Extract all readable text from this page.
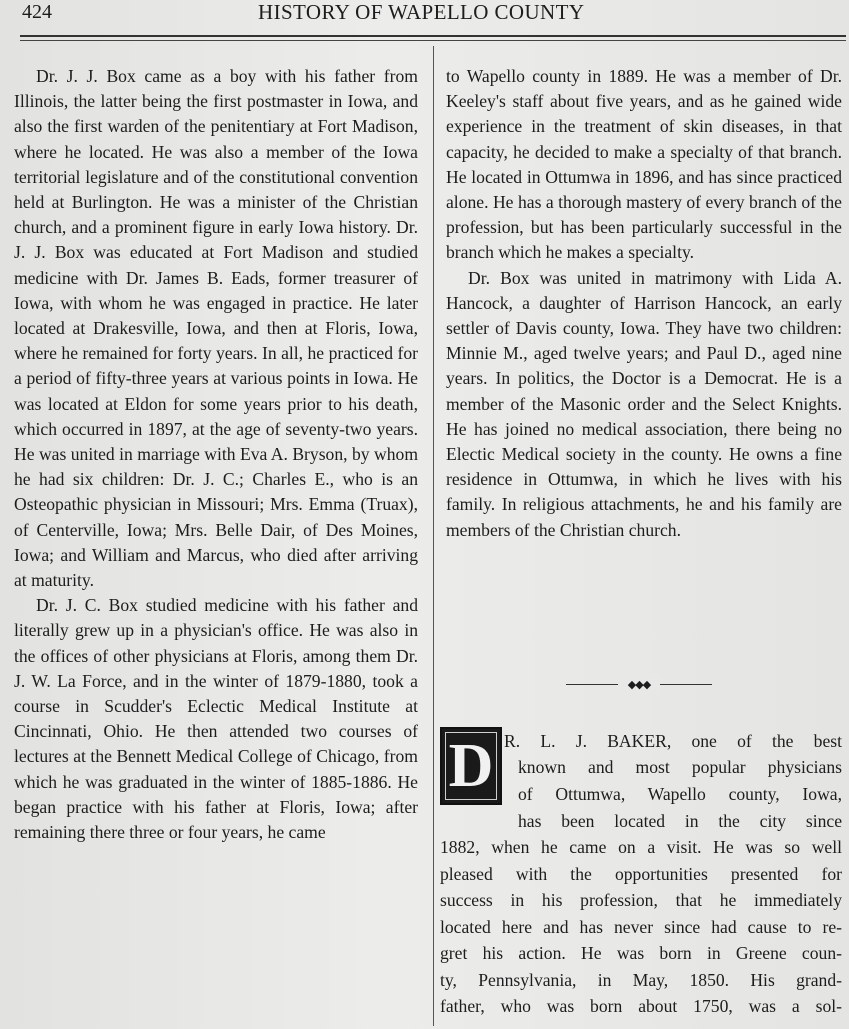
424	HISTORY OF WAPELLO COUNTY

Dr. J. J. Box came as a boy with his father from Illinois, the latter being the first postmaster in Iowa, and also the first warden of the penitentiary at Fort Madison, where he located. He was also a member of the Iowa territorial legislature and of the constitutional convention held at Burlington. He was a minister of the Christian church, and a prominent figure in early Iowa history. Dr. J. J. Box was educated at Fort Madison and studied medicine with Dr. James B. Eads, former treasurer of Iowa, with whom he was engaged in practice. He later located at Drakesville, Iowa, and then at Floris, Iowa, where he remained for forty years. In all, he practiced for a period of fifty-three years at various points in Iowa. He was located at Eldon for some years prior to his death, which occurred in 1897, at the age of seventy-two years. He was united in marriage with Eva A. Bryson, by whom he had six children: Dr. J. C.; Charles E., who is an Osteopathic physician in Missouri; Mrs. Emma (Truax), of Centerville, Iowa; Mrs. Belle Dair, of Des Moines, Iowa; and William and Marcus, who died after arriving at maturity.

Dr. J. C. Box studied medicine with his father and literally grew up in a physician's office. He was also in the offices of other physicians at Floris, among them Dr. J. W. La Force, and in the winter of 1879-1880, took a course in Scudder's Eclectic Medical Institute at Cincinnati, Ohio. He then attended two courses of lectures at the Bennett Medical College of Chicago, from which he was graduated in the winter of 1885-1886. He began practice with his father at Floris, Iowa; after remaining there three or four years, he came

to Wapello county in 1889. He was a member of Dr. Keeley's staff about five years, and as he gained wide experience in the treatment of skin diseases, in that capacity, he decided to make a specialty of that branch. He located in Ottumwa in 1896, and has since practiced alone. He has a thorough mastery of every branch of the profession, but has been particularly successful in the branch which he makes a specialty.

Dr. Box was united in matrimony with Lida A. Hancock, a daughter of Harrison Hancock, an early settler of Davis county, Iowa. They have two children: Minnie M., aged twelve years; and Paul D., aged nine years. In politics, the Doctor is a Democrat. He is a member of the Masonic order and the Select Knights. He has joined no medical association, there being no Electic Medical society in the county. He owns a fine residence in Ottumwa, in which he lives with his family. In religious attachments, he and his family are members of the Christian church.

◆◆◆
D R. L. J. BAKER, one of the best
known and most popular physicians
of Ottumwa, Wapello county, Iowa,
has been located in the city since
1882, when he came on a visit. He was so well
pleased with the opportunities presented for
success in his profession, that he immediately
located here and has never since had cause to re-
gret his action. He was born in Greene coun-
ty, Pennsylvania, in May, 1850. His grand-
father, who was born about 1750, was a sol-
